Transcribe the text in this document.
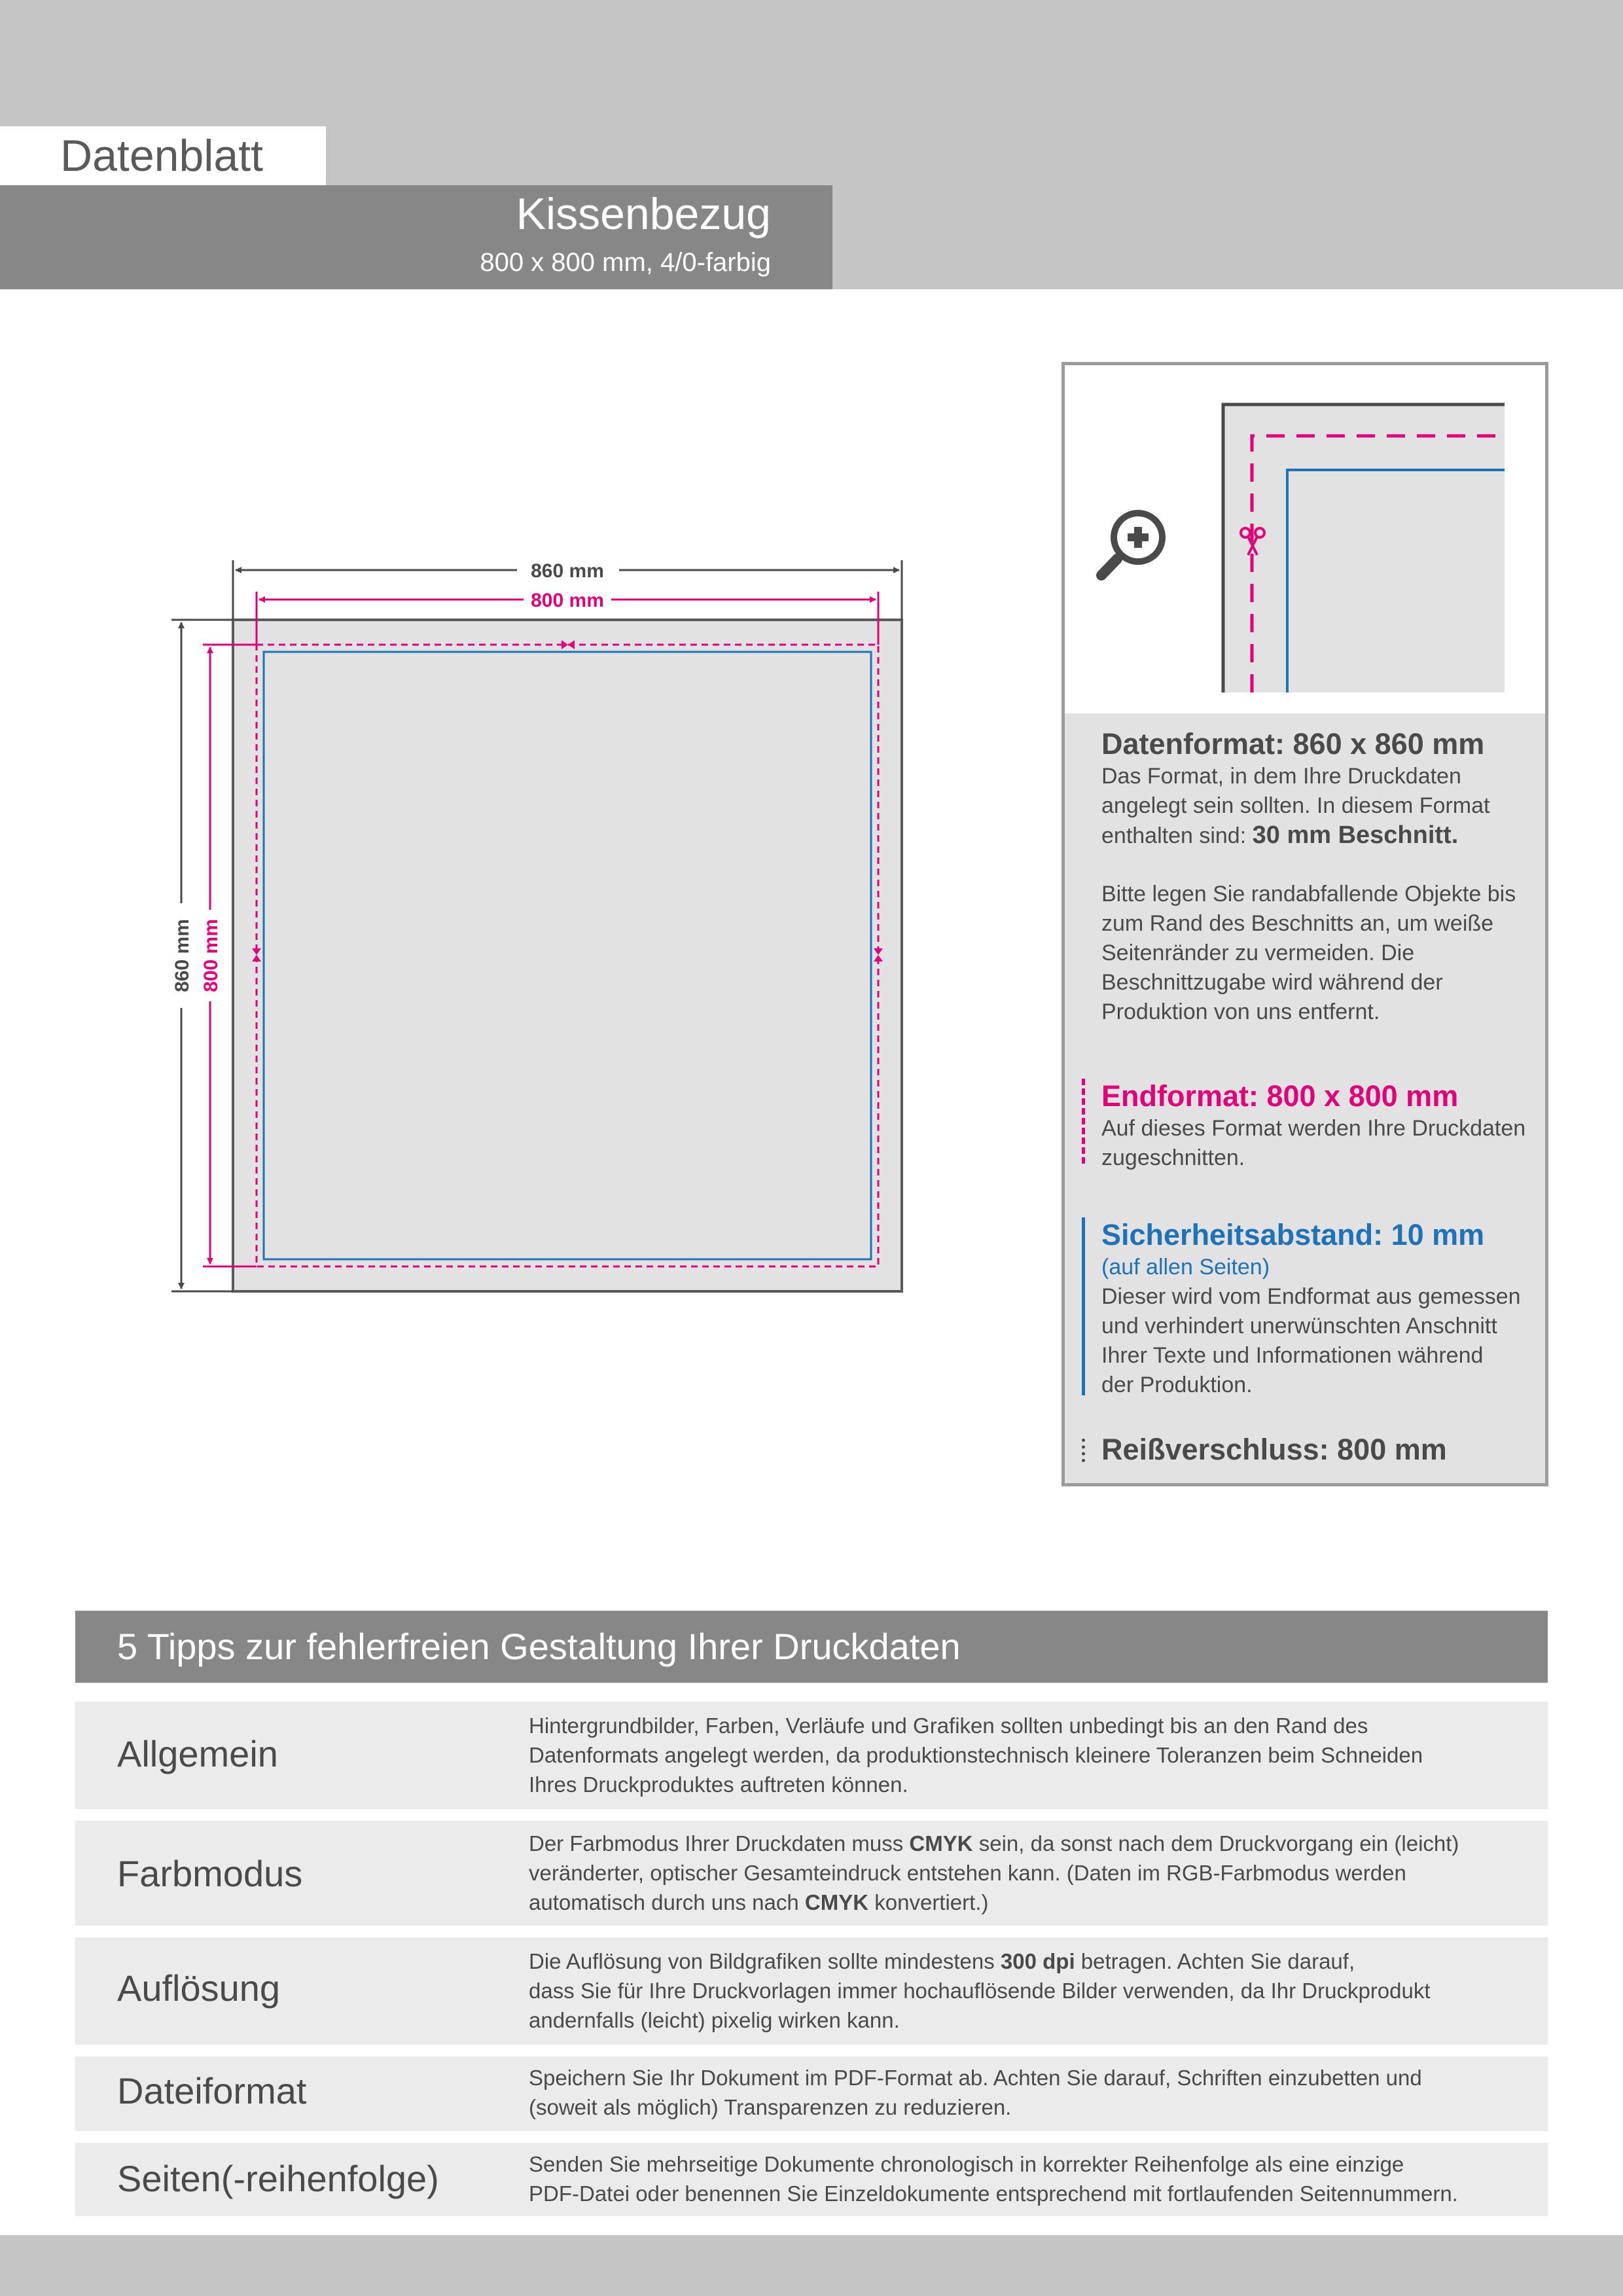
Datenblatt
Kissenbezug
800 x 800 mm, 4/0-farbig
860 mm
800 mm
860 mm 800 mm
Datenformat: 860 x 860 mm
Das Format, in dem Ihre Druckdaten
angelegt sein sollten. In diesem Format
enthalten sind: 30 mm Beschnitt.
Bitte legen Sie randabfallende Objekte bis
zum Rand des Beschnitts an, um weiße
Seitenränder zu vermeiden. Die
Beschnittzugabe wird während der
Produktion von uns entfernt.
Endformat: 800 x 800 mm
Auf dieses Format werden Ihre Druckdaten
zugeschnitten.
Sicherheitsabstand: 10 mm
(auf allen Seiten)
Dieser wird vom Endformat aus gemessen
und verhindert unerwünschten Anschnitt
Ihrer Texte und Informationen während
der Produktion.
Reißverschluss: 800 mm
5 Tipps zur fehlerfreien Gestaltung Ihrer Druckdaten
Allgemein
Hintergrundbilder, Farben, Verläufe und Grafiken sollten unbedingt bis an den Rand des
Datenformats angelegt werden, da produktionstechnisch kleinere Toleranzen beim Schneiden
Ihres Druckproduktes auftreten können.
Farbmodus
Der Farbmodus Ihrer Druckdaten muss CMYK sein, da sonst nach dem Druckvorgang ein (leicht)
veränderter, optischer Gesamteindruck entstehen kann. (Daten im RGB-Farbmodus werden
automatisch durch uns nach CMYK konvertiert.)
Auflösung
Die Auflösung von Bildgrafiken sollte mindestens 300 dpi betragen. Achten Sie darauf,
dass Sie für Ihre Druckvorlagen immer hochauflösende Bilder verwenden, da Ihr Druckprodukt
andernfalls (leicht) pixelig wirken kann.
Dateiformat	Speichern Sie Ihr Dokument im PDF-Format ab. Achten Sie darauf, Schriften einzubetten und
(soweit als möglich) Transparenzen zu reduzieren.
Seiten(-reihenfolge)	Senden Sie mehrseitige Dokumente chronologisch in korrekter Reihenfolge als eine einzige
PDF-Datei oder benennen Sie Einzeldokumente entsprechend mit fortlaufenden Seitennummern.
